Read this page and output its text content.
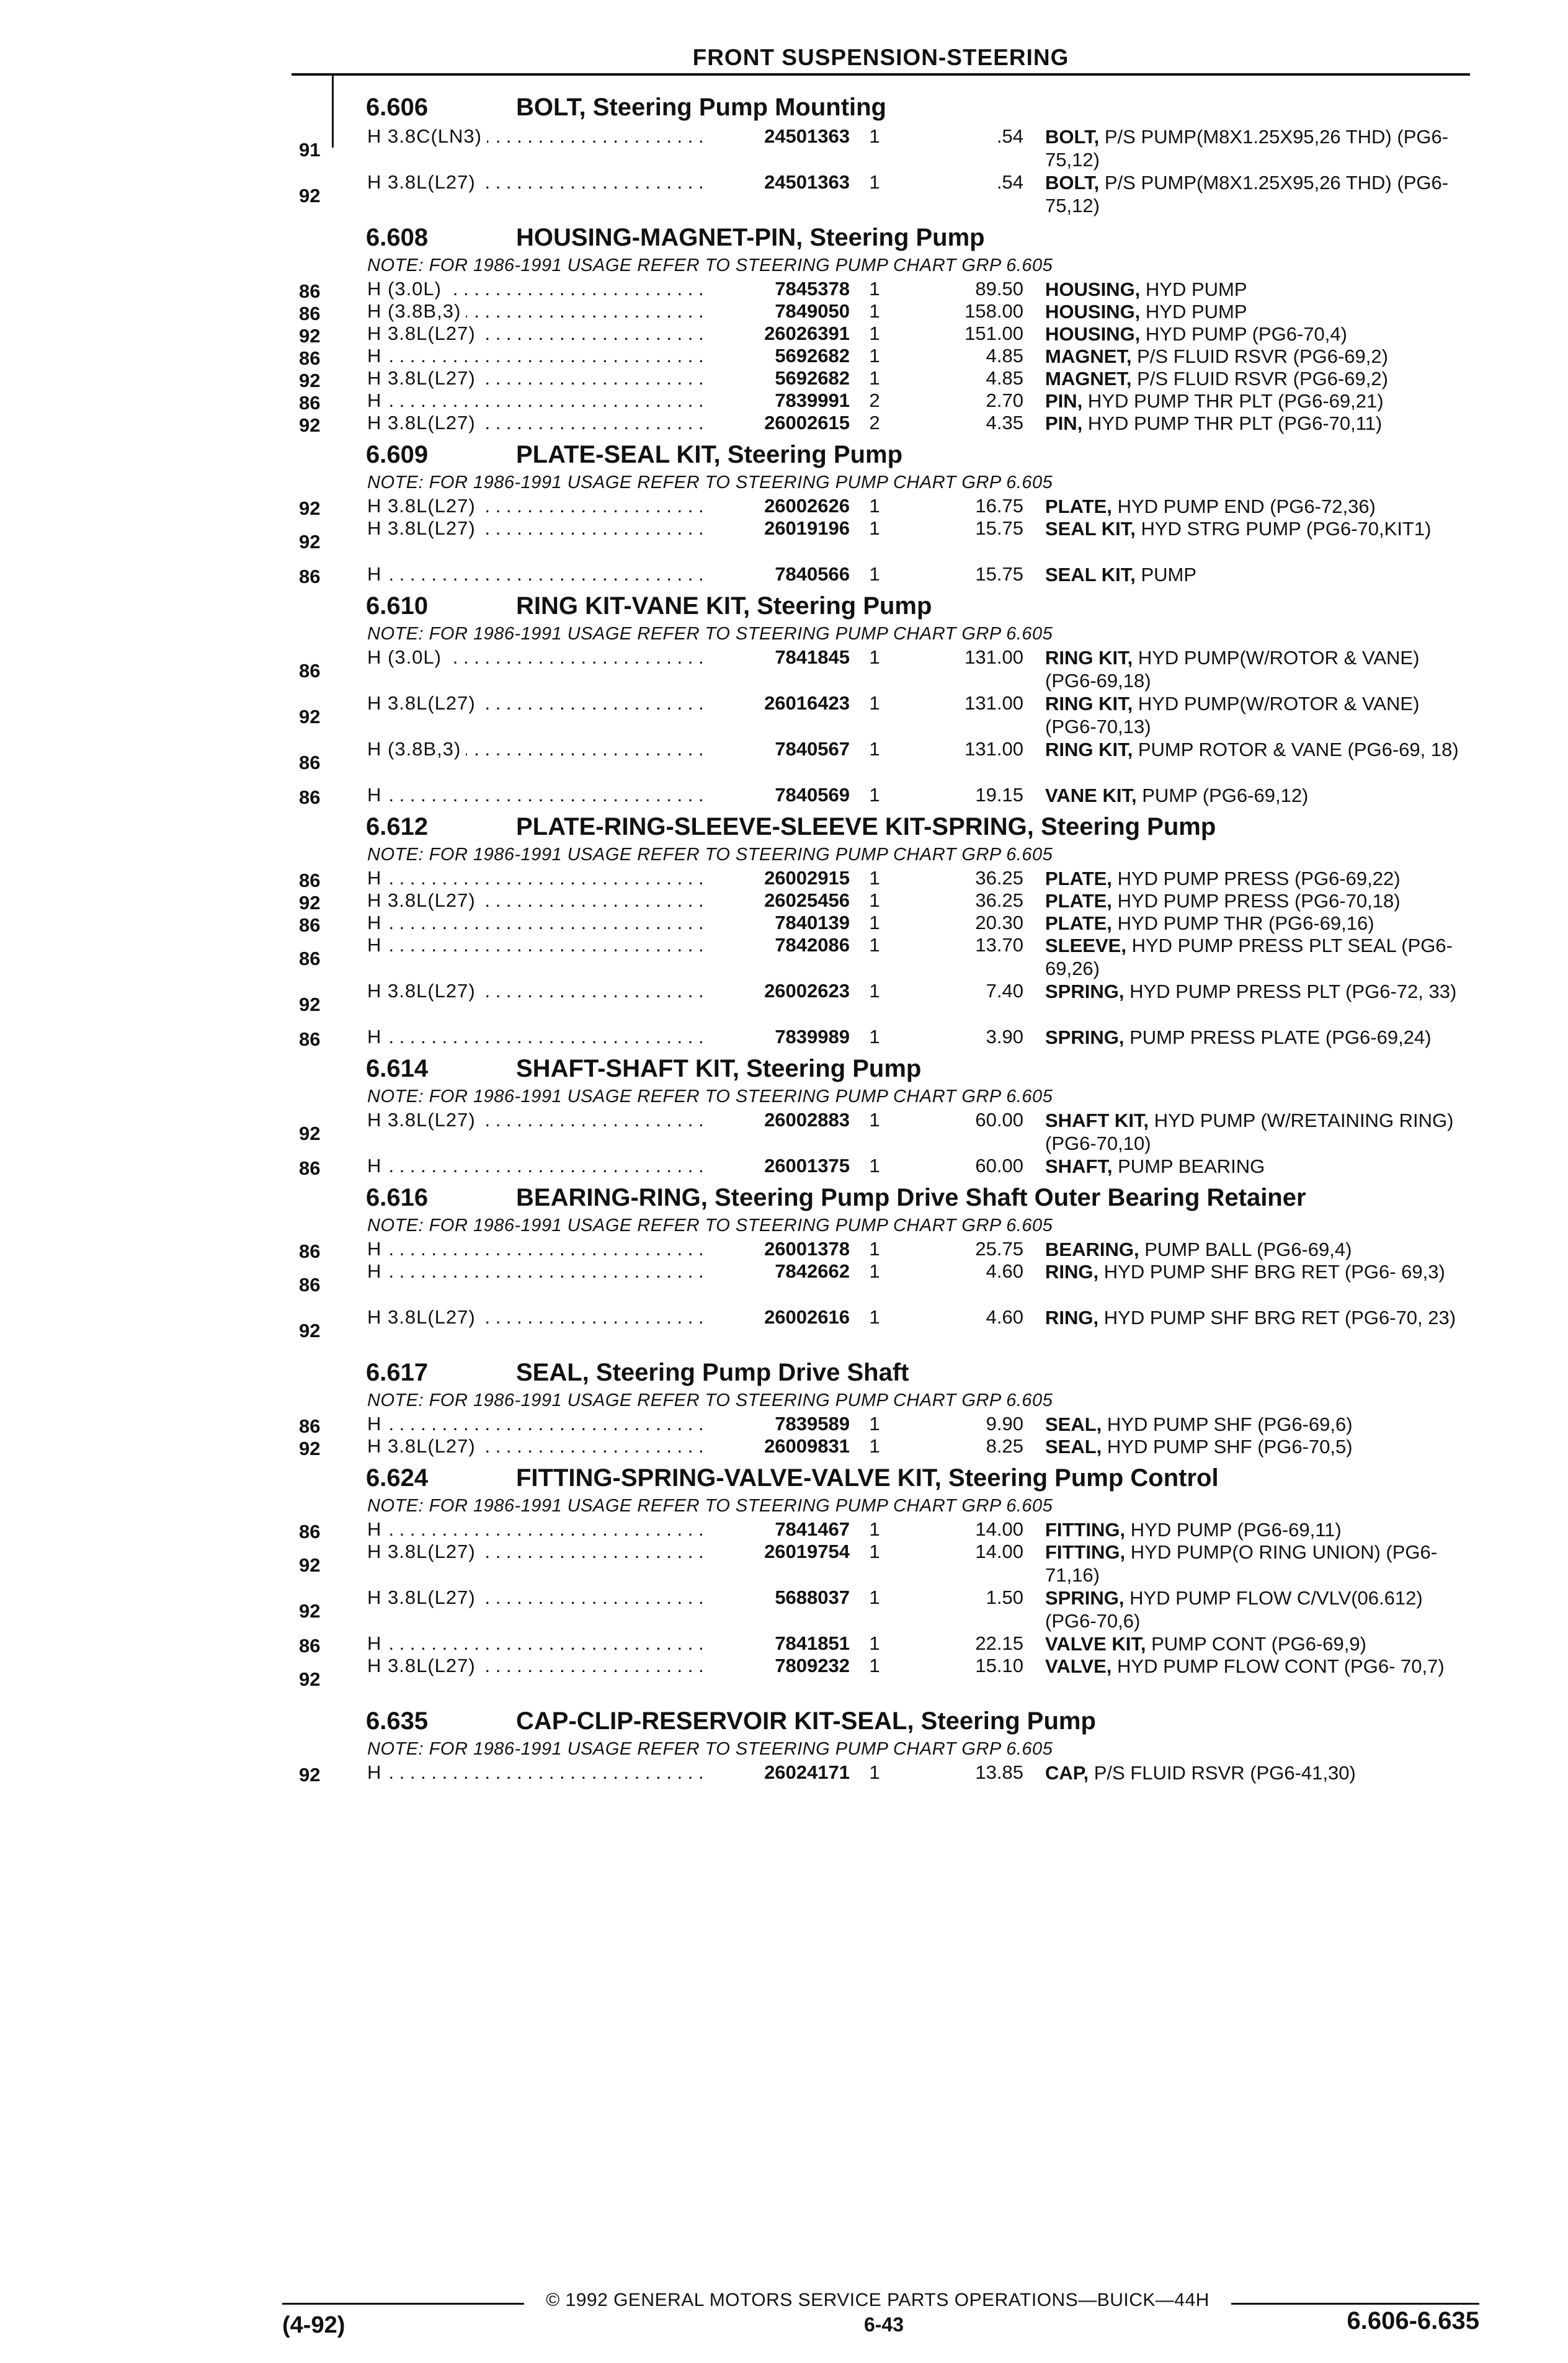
FRONT SUSPENSION-STEERING
6.606	BOLT, Steering Pump Mounting
91
H 3.8C(LN3) . . .	24501363	1	.54 BOLT, P/S PUMP(M8X1.25X95,26 THD) (PG6-75,12)
92
H 3.8L(L27) . . .	24501363	1	.54 BOLT, P/S PUMP(M8X1.25X95,26 THD) (PG6-75,12)
6.608	HOUSING-MAGNET-PIN, Steering Pump
NOTE: FOR 1986-1991 USAGE REFER TO STEERING PUMP CHART GRP 6.605
86	H (3.0L) . . .	7845378	1	89.50 HOUSING, HYD PUMP
86	H (3.8B,3) . . .	7849050	1	158.00 HOUSING, HYD PUMP
92	H 3.8L(L27) . . .	26026391	1	151.00 HOUSING, HYD PUMP (PG6-70,4)
86	H . . .	5692682	1	4.85 MAGNET, P/S FLUID RSVR (PG6-69,2)
92	H 3.8L(L27) . . .	5692682	1	4.85 MAGNET, P/S FLUID RSVR (PG6-69,2)
86	H . . .	7839991	2	2.70 PIN, HYD PUMP THR PLT (PG6-69,21)
92	H 3.8L(L27) . . .	26002615	2	4.35 PIN, HYD PUMP THR PLT (PG6-70,11)
6.609	PLATE-SEAL KIT, Steering Pump
NOTE: FOR 1986-1991 USAGE REFER TO STEERING PUMP CHART GRP 6.605
92	H 3.8L(L27) . . .	26002626	1	16.75 PLATE, HYD PUMP END (PG6-72,36)
92
H 3.8L(L27) . . .	26019196	1	15.75 SEAL KIT, HYD STRG PUMP (PG6-70,KIT1)
86	H . . .	7840566	1	15.75 SEAL KIT, PUMP
6.610	RING KIT-VANE KIT, Steering Pump
NOTE: FOR 1986-1991 USAGE REFER TO STEERING PUMP CHART GRP 6.605
86
H (3.0L) . . .	7841845	1	131.00 RING KIT, HYD PUMP(W/ROTOR & VANE) (PG6-69,18)
92
H 3.8L(L27) . . .	26016423	1	131.00 RING KIT, HYD PUMP(W/ROTOR & VANE) (PG6-70,13)
86
H (3.8B,3) . . .	7840567	1	131.00 RING KIT, PUMP ROTOR & VANE (PG6-69, 18)
86	H . . .	7840569	1	19.15 VANE KIT, PUMP (PG6-69,12)
6.612	PLATE-RING-SLEEVE-SLEEVE KIT-SPRING, Steering Pump
NOTE: FOR 1986-1991 USAGE REFER TO STEERING PUMP CHART GRP 6.605
86	H . . .	26002915	1	36.25 PLATE, HYD PUMP PRESS (PG6-69,22)
92	H 3.8L(L27) . . .	26025456	1	36.25 PLATE, HYD PUMP PRESS (PG6-70,18)
86	H . . .	7840139	1	20.30 PLATE, HYD PUMP THR (PG6-69,16)
86
H . . .	7842086	1	13.70 SLEEVE, HYD PUMP PRESS PLT SEAL (PG6-69,26)
92
H 3.8L(L27) . . .	26002623	1	7.40 SPRING, HYD PUMP PRESS PLT (PG6-72, 33)
86	H . . .	7839989	1	3.90 SPRING, PUMP PRESS PLATE (PG6-69,24)
6.614	SHAFT-SHAFT KIT, Steering Pump
NOTE: FOR 1986-1991 USAGE REFER TO STEERING PUMP CHART GRP 6.605
92
H 3.8L(L27) . . .	26002883	1	60.00 SHAFT KIT, HYD PUMP (W/RETAINING RING) (PG6-70,10)
86	H . . .	26001375	1	60.00 SHAFT, PUMP BEARING
6.616	BEARING-RING, Steering Pump Drive Shaft Outer Bearing Retainer
NOTE: FOR 1986-1991 USAGE REFER TO STEERING PUMP CHART GRP 6.605
86	H . . .	26001378	1	25.75 BEARING, PUMP BALL (PG6-69,4)
86
H . . .	7842662	1	4.60 RING, HYD PUMP SHF BRG RET (PG6- 69,3)
92
H 3.8L(L27) . . .	26002616	1	4.60 RING, HYD PUMP SHF BRG RET (PG6-70, 23)
6.617	SEAL, Steering Pump Drive Shaft
NOTE: FOR 1986-1991 USAGE REFER TO STEERING PUMP CHART GRP 6.605
86	H . . .	7839589	1	9.90 SEAL, HYD PUMP SHF (PG6-69,6)
92	H 3.8L(L27) . . .	26009831	1	8.25 SEAL, HYD PUMP SHF (PG6-70,5)
6.624	FITTING-SPRING-VALVE-VALVE KIT, Steering Pump Control
NOTE: FOR 1986-1991 USAGE REFER TO STEERING PUMP CHART GRP 6.605
86	H . . .	7841467	1	14.00 FITTING, HYD PUMP (PG6-69,11)
92
H 3.8L(L27) . . .	26019754	1	14.00 FITTING, HYD PUMP(O RING UNION) (PG6-71,16)
92
H 3.8L(L27) . . .	5688037	1	1.50 SPRING, HYD PUMP FLOW C/VLV(06.612) (PG6-70,6)
86	H . . .	7841851	1	22.15 VALVE KIT, PUMP CONT (PG6-69,9)
92
H 3.8L(L27) . . .	7809232	1	15.10 VALVE, HYD PUMP FLOW CONT (PG6- 70,7)
6.635	CAP-CLIP-RESERVOIR KIT-SEAL, Steering Pump
NOTE: FOR 1986-1991 USAGE REFER TO STEERING PUMP CHART GRP 6.605
92	H . . .	26024171	1	13.85 CAP, P/S FLUID RSVR (PG6-41,30)
© 1992 GENERAL MOTORS SERVICE PARTS OPERATIONS—BUICK—44H
(4-92)	6-43	6.606-6.635
